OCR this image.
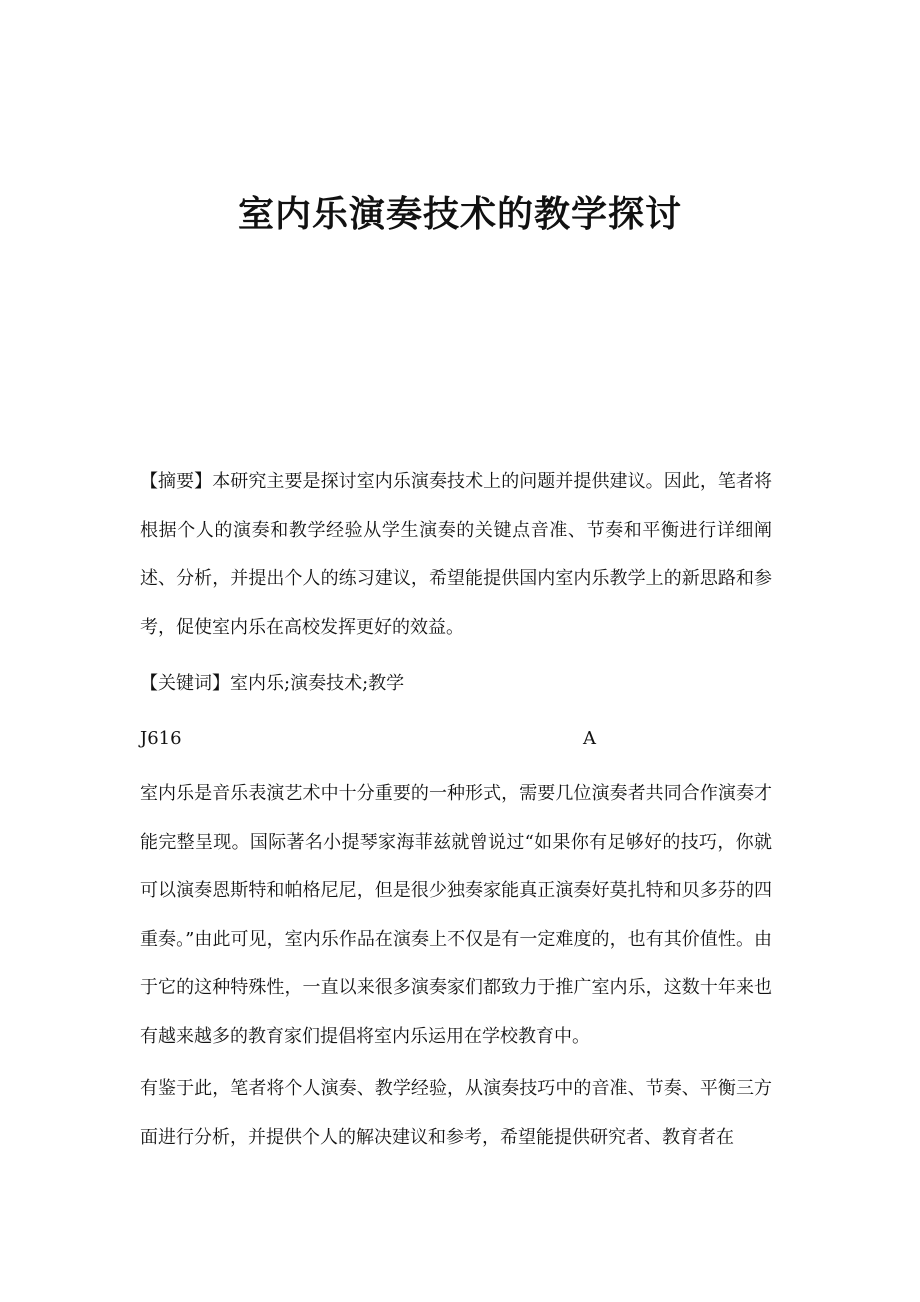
室内乐演奏技术的教学探讨
【摘要】本研究主要是探讨室内乐演奏技术上的问题并提供建议。因此，笔者将根据个人的演奏和教学经验从学生演奏的关键点音准、节奏和平衡进行详细阐述、分析，并提出个人的练习建议，希望能提供国内室内乐教学上的新思路和参考，促使室内乐在高校发挥更好的效益。
【关键词】室内乐;演奏技术;教学
J616	A
室内乐是音乐表演艺术中十分重要的一种形式，需要几位演奏者共同合作演奏才能完整呈现。国际著名小提琴家海菲兹就曾说过“如果你有足够好的技巧，你就可以演奏恩斯特和帕格尼尼，但是很少独奏家能真正演奏好莫扎特和贝多芬的四重奏。”由此可见，室内乐作品在演奏上不仅是有一定难度的，也有其价值性。由于它的这种特殊性，一直以来很多演奏家们都致力于推广室内乐，这数十年来也有越来越多的教育家们提倡将室内乐运用在学校教育中。
有鉴于此，笔者将个人演奏、教学经验，从演奏技巧中的音准、节奏、平衡三方面进行分析，并提供个人的解决建议和参考，希望能提供研究者、教育者在
